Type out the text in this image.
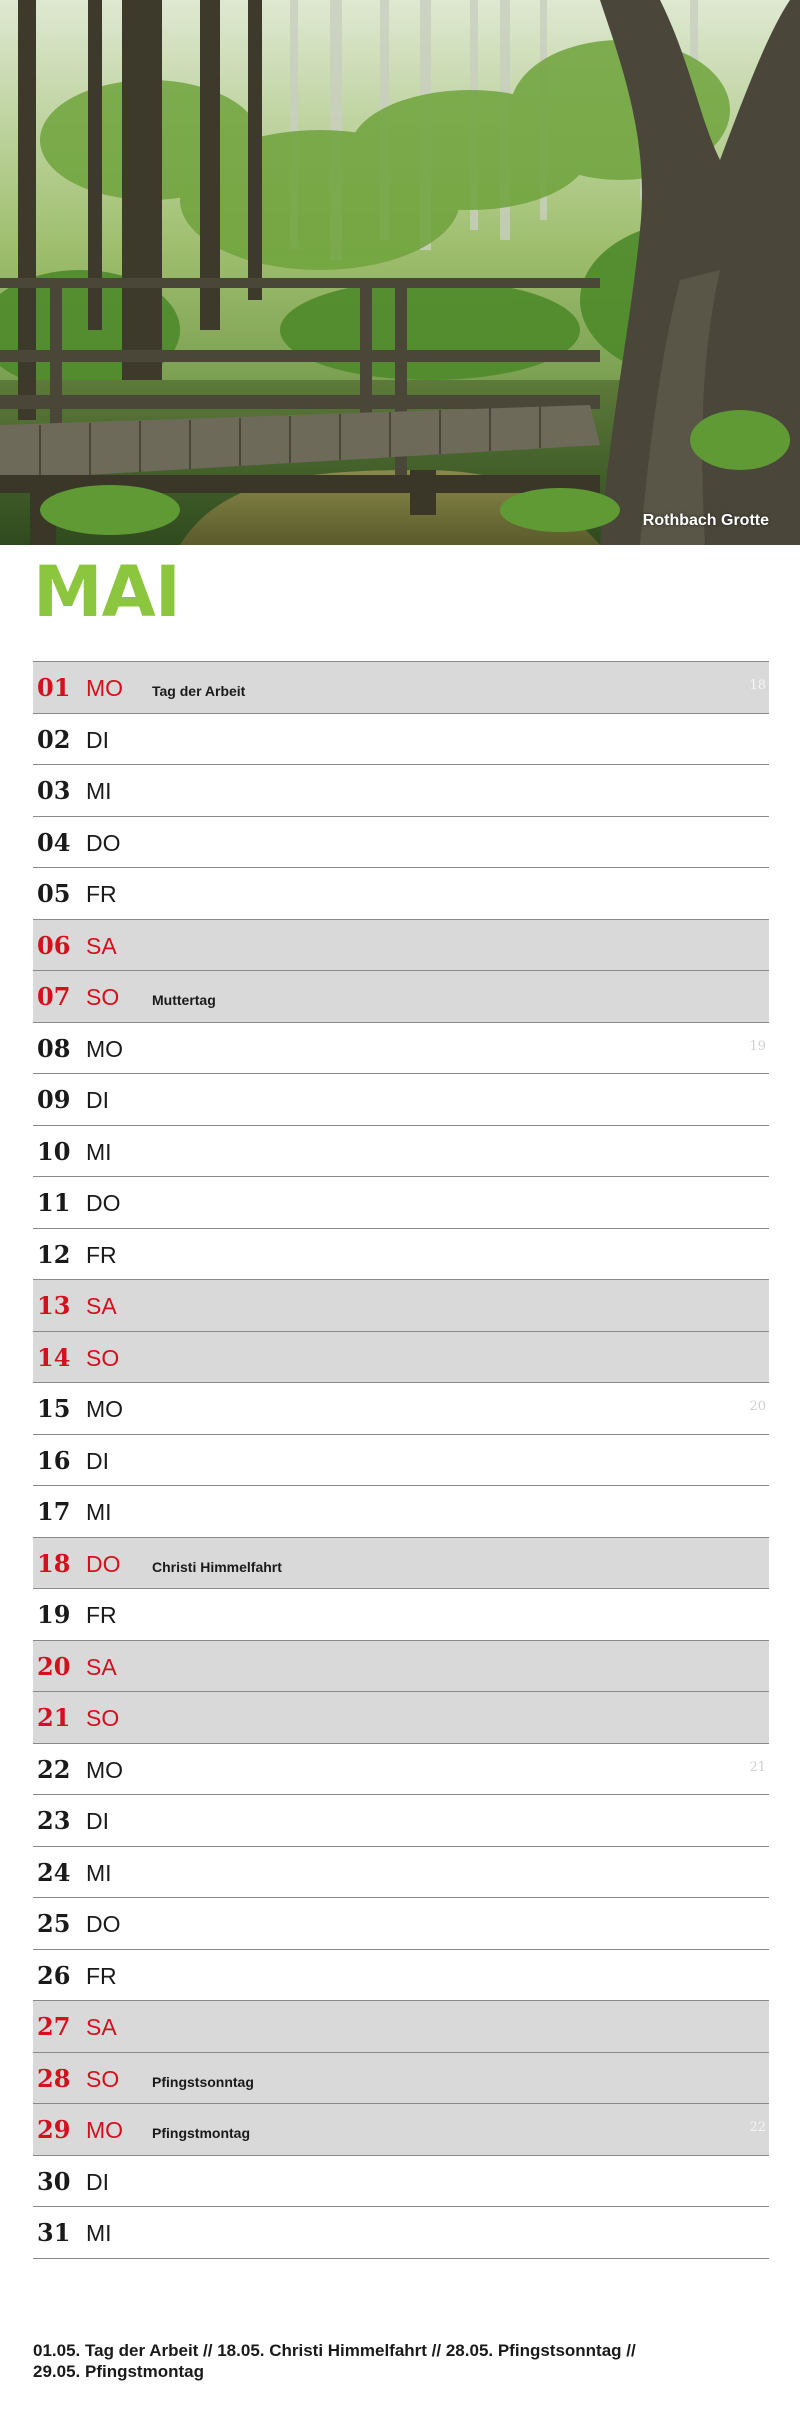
Rothbach Grotte
MAI
01 MO Tag der Arbeit	18
02 DI
03 MI
04 DO
05 FR
06 SA
07 SO Muttertag
08 MO	19
09 DI
10 MI
11 DO
12 FR
13 SA
14 SO
15 MO	20
16 DI
17 MI
18 DO Christi Himmelfahrt
19 FR
20 SA
21 SO
22 MO	21
23 DI
24 MI
25 DO
26 FR
27 SA
28 SO Pfingstsonntag
29 MO Pfingstmontag	22
30 DI
31 MI
01.05. Tag der Arbeit // 18.05. Christi Himmelfahrt // 28.05. Pfingstsonntag //
29.05. Pfingstmontag
